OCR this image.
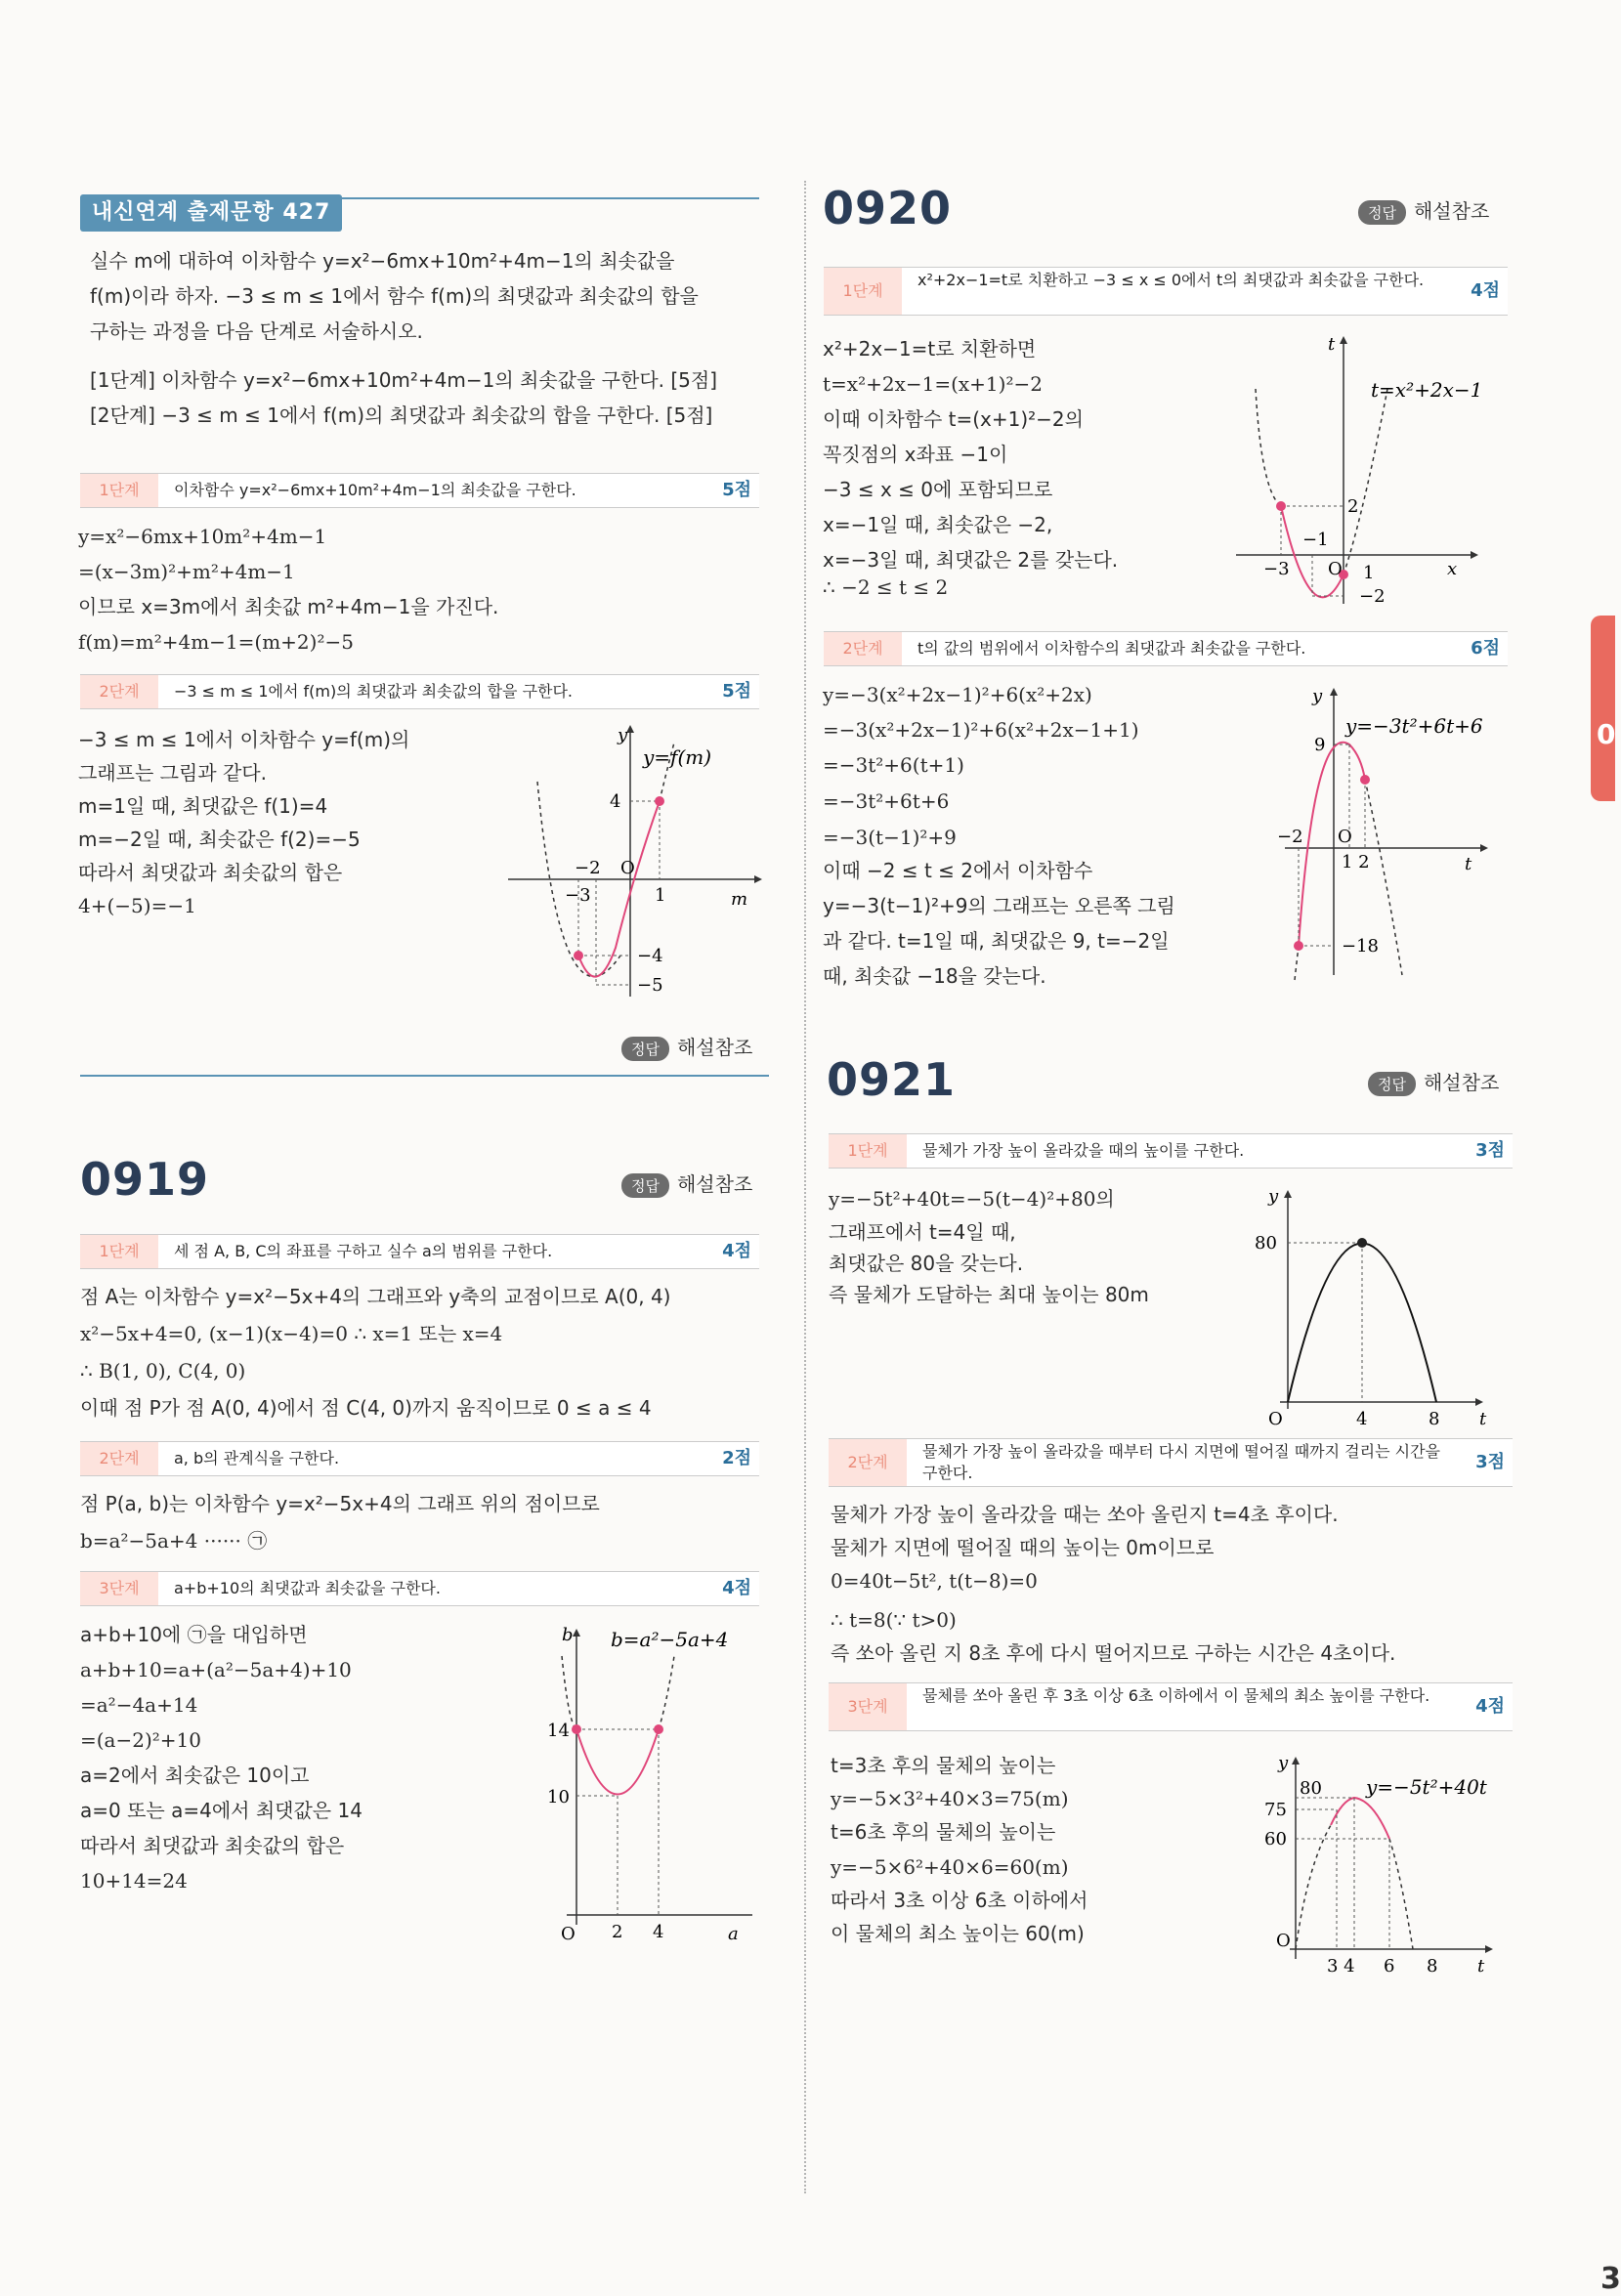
내신연계 출제문항 427
실수 m에 대하여 이차함수 y=x²−6mx+10m²+4m−1의 최솟값을
f(m)이라 하자. −3 ≤ m ≤ 1에서 함수 f(m)의 최댓값과 최솟값의 합을
구하는 과정을 다음 단계로 서술하시오.
[1단계] 이차함수 y=x²−6mx+10m²+4m−1의 최솟값을 구한다. [5점]
[2단계] −3 ≤ m ≤ 1에서 f(m)의 최댓값과 최솟값의 합을 구한다. [5점]
1단계	이차함수 y=x²−6mx+10m²+4m−1의 최솟값을 구한다.	5점
y=x²−6mx+10m²+4m−1
=(x−3m)²+m²+4m−1
이므로 x=3m에서 최솟값 m²+4m−1을 가진다.
f(m)=m²+4m−1=(m+2)²−5
2단계	−3 ≤ m ≤ 1에서 f(m)의 최댓값과 최솟값의 합을 구한다.	5점
−3 ≤ m ≤ 1에서 이차함수 y=f(m)의
그래프는 그림과 같다.
m=1일 때, 최댓값은 f(1)=4
m=−2일 때, 최솟값은 f(2)=−5
따라서 최댓값과 최솟값의 합은
4+(−5)=−1
y
y=f(m)
4
−2 O
−3	1	m
−4
−5
정답 해설참조
0919	정답 해설참조
1단계	세 점 A, B, C의 좌표를 구하고 실수 a의 범위를 구한다.	4점
점 A는 이차함수 y=x²−5x+4의 그래프와 y축의 교점이므로 A(0, 4)
x²−5x+4=0, (x−1)(x−4)=0 ∴ x=1 또는 x=4
∴ B(1, 0), C(4, 0)
이때 점 P가 점 A(0, 4)에서 점 C(4, 0)까지 움직이므로 0 ≤ a ≤ 4
2단계	a, b의 관계식을 구한다.	2점
점 P(a, b)는 이차함수 y=x²−5x+4의 그래프 위의 점이므로
b=a²−5a+4 ······ ㉠
3단계	a+b+10의 최댓값과 최솟값을 구한다.	4점
a+b+10에 ㉠을 대입하면
a+b+10=a+(a²−5a+4)+10
=a²−4a+14
=(a−2)²+10
a=2에서 최솟값은 10이고
a=0 또는 a=4에서 최댓값은 14
따라서 최댓값과 최솟값의 합은
10+14=24
b b=a²−5a+4
14
10
O 2 4	a
0920	정답 해설참조
1단계
x²+2x−1=t로 치환하고 −3 ≤ x ≤ 0에서 t의 최댓값과 최솟값을 구한다.
4점
x²+2x−1=t로 치환하면
t=x²+2x−1=(x+1)²−2
이때 이차함수 t=(x+1)²−2의
꼭짓점의 x좌표 −1이
−3 ≤ x ≤ 0에 포함되므로
x=−1일 때, 최솟값은 −2,
x=−3일 때, 최댓값은 2를 갖는다.
∴ −2 ≤ t ≤ 2
t
t=x²+2x−1
2
−1
−3 O 1
−2
x
2단계	t의 값의 범위에서 이차함수의 최댓값과 최솟값을 구한다.	6점
y=−3(x²+2x−1)²+6(x²+2x)
=−3(x²+2x−1)²+6(x²+2x−1+1)
=−3t²+6(t+1)
=−3t²+6t+6
=−3(t−1)²+9
이때 −2 ≤ t ≤ 2에서 이차함수
y=−3(t−1)²+9의 그래프는 오른쪽 그림
과 같다. t=1일 때, 최댓값은 9, t=−2일
때, 최솟값 −18을 갖는다.
y
y=−3t²+6t+6
9
−2 O
1 2	t
−18
0921	정답 해설참조
1단계	물체가 가장 높이 올라갔을 때의 높이를 구한다.	3점
y=−5t²+40t=−5(t−4)²+80의
그래프에서 t=4일 때,
최댓값은 80을 갖는다.
즉 물체가 도달하는 최대 높이는 80m
y
80
O	4	8 t
2단계
물체가 가장 높이 올라갔을 때부터 다시 지면에 떨어질 때까지 걸리는 시간을 구한다.
3점
물체가 가장 높이 올라갔을 때는 쏘아 올린지 t=4초 후이다.
물체가 지면에 떨어질 때의 높이는 0m이므로
0=40t−5t², t(t−8)=0
∴ t=8(∵ t>0)
즉 쏘아 올린 지 8초 후에 다시 떨어지므로 구하는 시간은 4초이다.
3단계
물체를 쏘아 올린 후 3초 이상 6초 이하에서 이 물체의 최소 높이를 구한다.
4점
t=3초 후의 물체의 높이는
y=−5×3²+40×3=75(m)
t=6초 후의 물체의 높이는
y=−5×6²+40×6=60(m)
따라서 3초 이상 6초 이하에서
이 물체의 최소 높이는 60(m)
y
80 y=−5t²+40t
75
60
O
3 4 6 8 t
0
3
